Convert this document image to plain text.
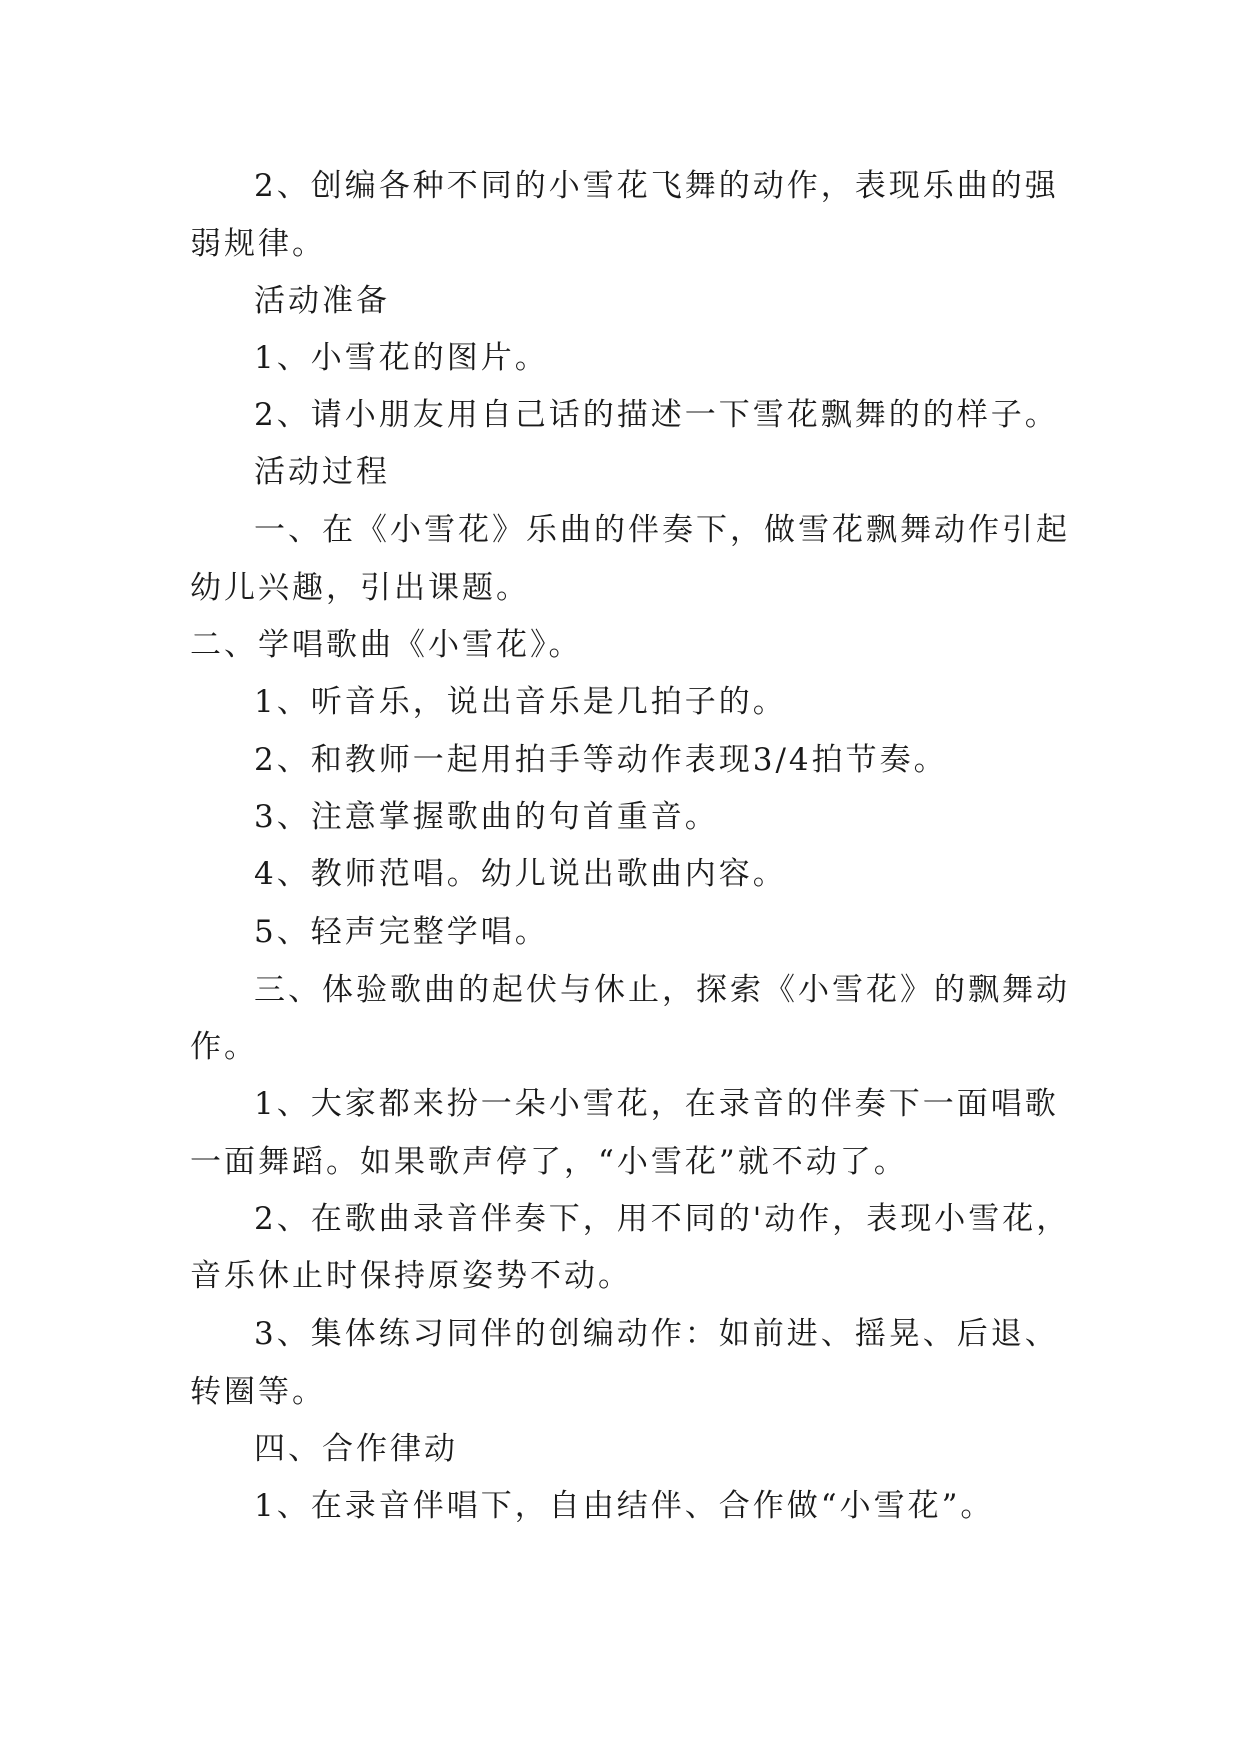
2、创编各种不同的小雪花飞舞的动作，表现乐曲的强
弱规律。
活动准备
1、小雪花的图片。
2、请小朋友用自己话的描述一下雪花飘舞的的样子。
活动过程
一、在《小雪花》乐曲的伴奏下，做雪花飘舞动作引起
幼儿兴趣，引出课题。
二、学唱歌曲《小雪花》。
1、听音乐，说出音乐是几拍子的。
2、和教师一起用拍手等动作表现3/4拍节奏。
3、注意掌握歌曲的句首重音。
4、教师范唱。幼儿说出歌曲内容。
5、轻声完整学唱。
三、体验歌曲的起伏与休止，探索《小雪花》的飘舞动
作。
1、大家都来扮一朵小雪花，在录音的伴奏下一面唱歌
一面舞蹈。如果歌声停了，“小雪花”就不动了。
2、在歌曲录音伴奏下，用不同的'动作，表现小雪花，
音乐休止时保持原姿势不动。
3、集体练习同伴的创编动作：如前进、摇晃、后退、
转圈等。
四、合作律动
1、在录音伴唱下，自由结伴、合作做“小雪花”。
